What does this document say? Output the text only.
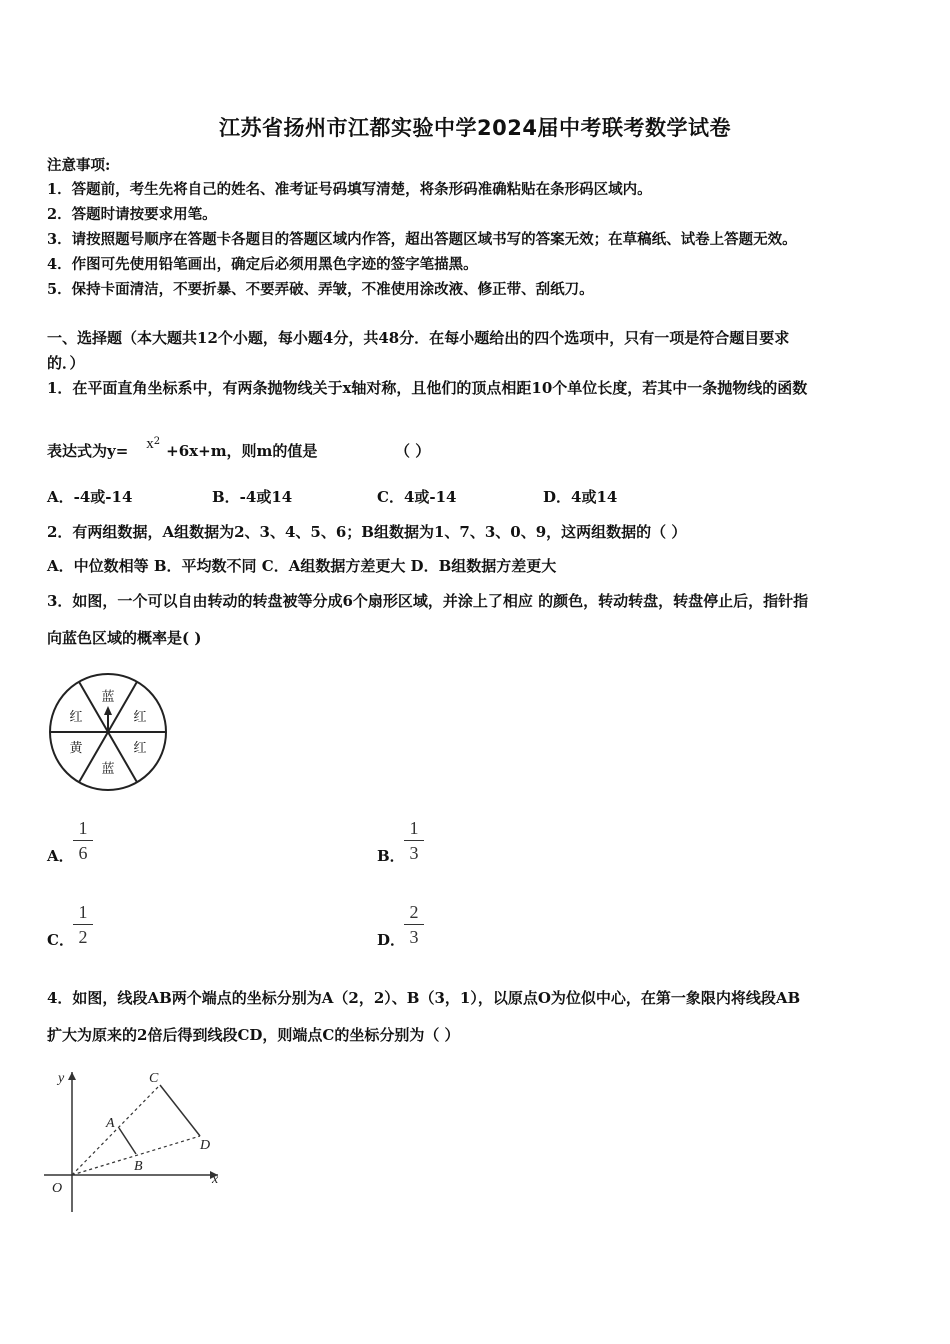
江苏省扬州市江都实验中学2024届中考联考数学试卷
注意事项:
1．答题前，考生先将自己的姓名、准考证号码填写清楚，将条形码准确粘贴在条形码区域内。
2．答题时请按要求用笔。
3．请按照题号顺序在答题卡各题目的答题区域内作答，超出答题区域书写的答案无效；在草稿纸、试卷上答题无效。
4．作图可先使用铅笔画出，确定后必须用黑色字迹的签字笔描黑。
5．保持卡面清洁，不要折暴、不要弄破、弄皱，不准使用涂改液、修正带、刮纸刀。
一、选择题（本大题共12个小题，每小题4分，共48分．在每小题给出的四个选项中，只有一项是符合题目要求
的．）
1．在平面直角坐标系中，有两条抛物线关于x轴对称，且他们的顶点相距10个单位长度，若其中一条抛物线的函数
表达式为$y= x^2+6x+m$，则m的值是	（ ）
A．-4或-14	B．-4或14	C．4或-14	D．4或14
2．有两组数据，A组数据为2、3、4、5、6；B组数据为1、7、3、0、9，这两组数据的（ ）
A．中位数相等 B．平均数不同 C．A组数据方差更大 D．B组数据方差更大
3．如图，一个可以自由转动的转盘被等分成6个扇形区域，并涂上了相应 的颜色，转动转盘，转盘停止后，指针指
向蓝色区域的概率是( )
蓝
红
红
蓝
黄
红
A．
1
6	B．
1
3
C．
1
2	D．
2
3
4．如图，线段AB两个端点的坐标分别为A（2，2）、B（3，1），以原点O为位似中心，在第一象限内将线段AB
扩大为原来的2倍后得到线段CD，则端点C的坐标分别为（ ）
y
x
O
A
B
C
D
